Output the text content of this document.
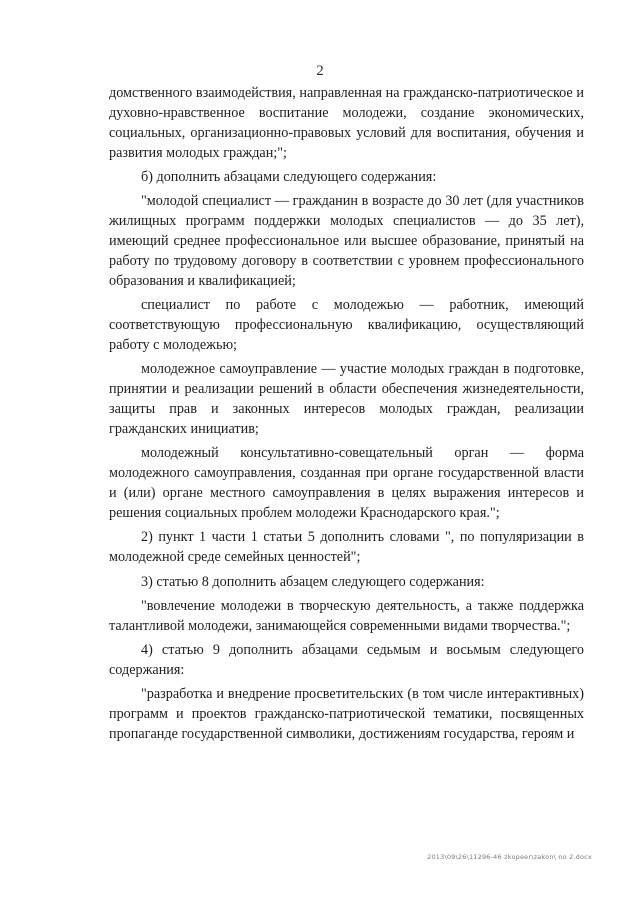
2

домственного взаимодействия, направленная на гражданско-патриотическое и духовно-нравственное воспитание молодежи, создание экономических, социальных, организационно-правовых условий для воспитания, обучения и развития молодых граждан;";

б) дополнить абзацами следующего содержания:

"молодой специалист — гражданин в возрасте до 30 лет (для участников жилищных программ поддержки молодых специалистов — до 35 лет), имеющий среднее профессиональное или высшее образование, принятый на работу по трудовому договору в соответствии с уровнем профессионального образования и квалификацией;

специалист по работе с молодежью — работник, имеющий соответствующую профессиональную квалификацию, осуществляющий работу с молодежью;

молодежное самоуправление — участие молодых граждан в подготовке, принятии и реализации решений в области обеспечения жизнедеятельности, защиты прав и законных интересов молодых граждан, реализации гражданских инициатив;

молодежный консультативно-совещательный орган — форма молодежного самоуправления, созданная при органе государственной власти и (или) органе местного самоуправления в целях выражения интересов и решения социальных проблем молодежи Краснодарского края.";

2) пункт 1 части 1 статьи 5 дополнить словами ", по популяризации в молодежной среде семейных ценностей";

3) статью 8 дополнить абзацем следующего содержания:

"вовлечение молодежи в творческую деятельность, а также поддержка талантливой молодежи, занимающейся современными видами творчества.";

4) статью 9 дополнить абзацами седьмым и восьмым следующего содержания:

"разработка и внедрение просветительских (в том числе интерактивных) программ и проектов гражданско-патриотической тематики, посвященных пропаганде государственной символики, достижениям государства, героям и

2013\09\26\11296-46 zkopeer\zakon\ no 2.docx
